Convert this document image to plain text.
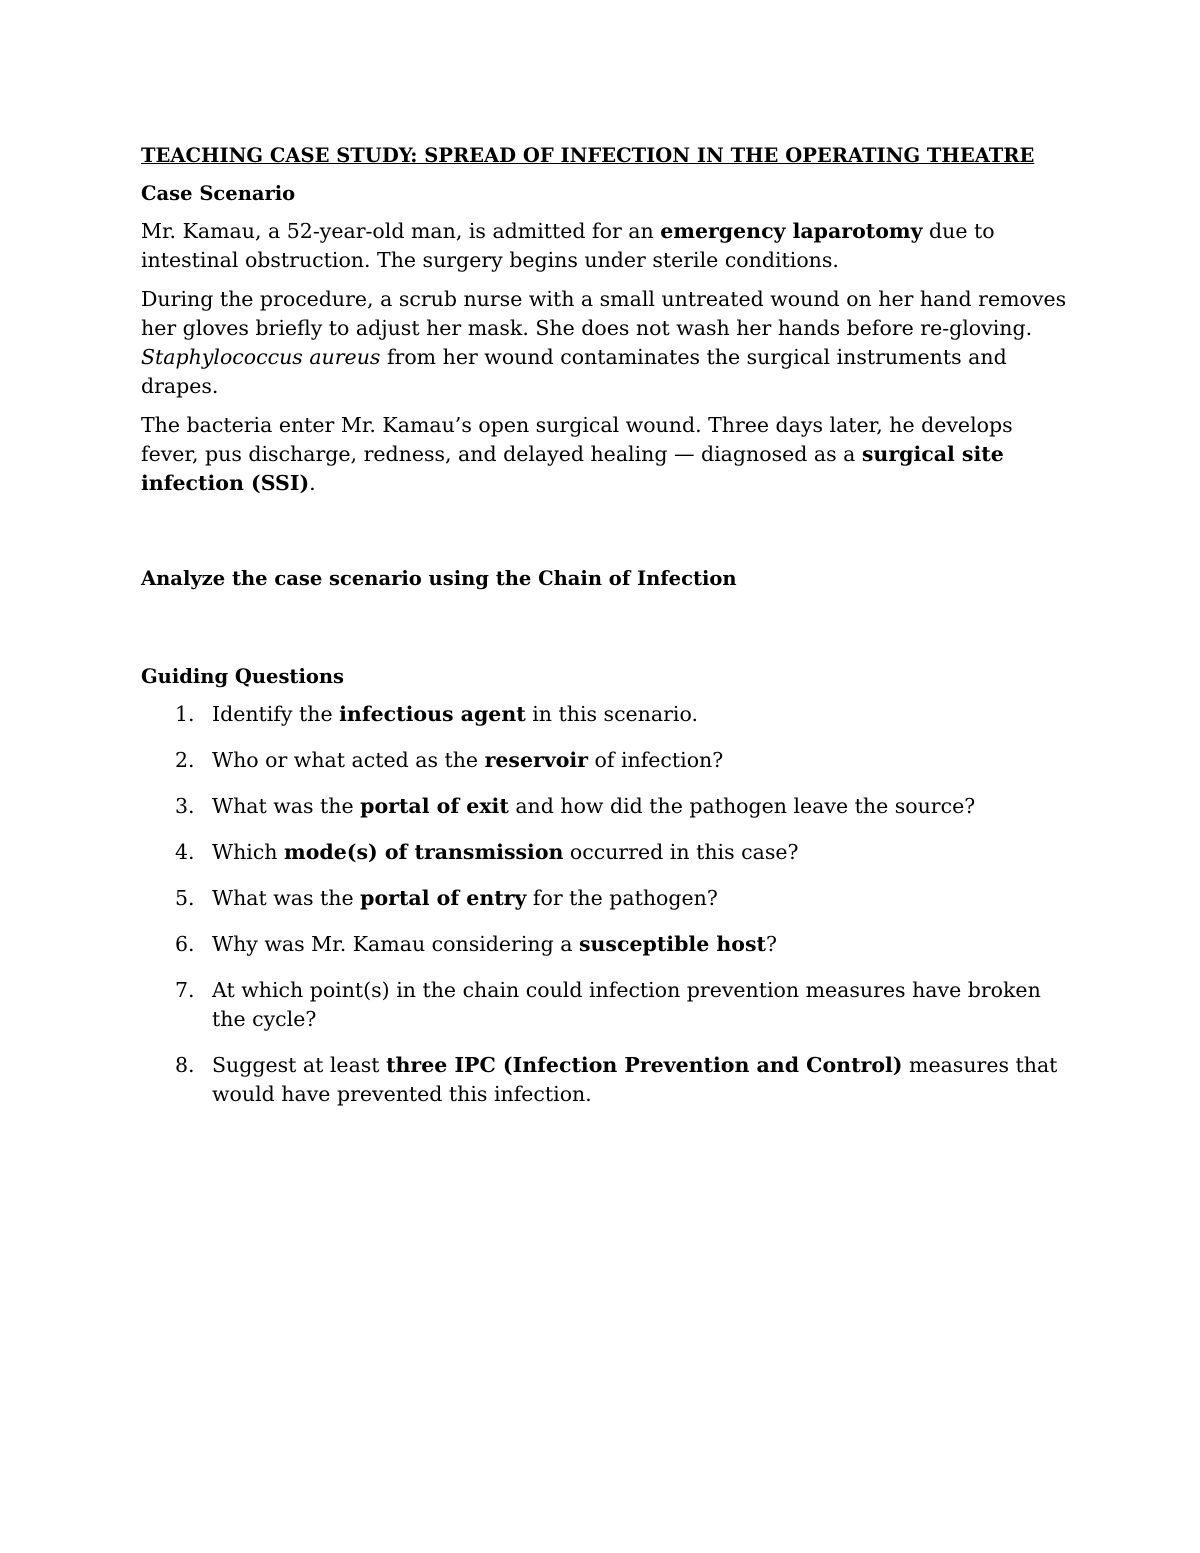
TEACHING CASE STUDY: SPREAD OF INFECTION IN THE OPERATING THEATRE
Case Scenario

Mr. Kamau, a 52-year-old man, is admitted for an emergency laparotomy due to intestinal obstruction. The surgery begins under sterile conditions.

During the procedure, a scrub nurse with a small untreated wound on her hand removes her gloves briefly to adjust her mask. She does not wash her hands before re-gloving. Staphylococcus aureus from her wound contaminates the surgical instruments and drapes.

The bacteria enter Mr. Kamau’s open surgical wound. Three days later, he develops fever, pus discharge, redness, and delayed healing — diagnosed as a surgical site infection (SSI).

Analyze the case scenario using the Chain of Infection
Guiding Questions
1. Identify the infectious agent in this scenario.
2. Who or what acted as the reservoir of infection?
3. What was the portal of exit and how did the pathogen leave the source?
4. Which mode(s) of transmission occurred in this case?
5. What was the portal of entry for the pathogen?
6. Why was Mr. Kamau considering a susceptible host?
7. At which point(s) in the chain could infection prevention measures have broken the cycle?
8. Suggest at least three IPC (Infection Prevention and Control) measures that would have prevented this infection.
